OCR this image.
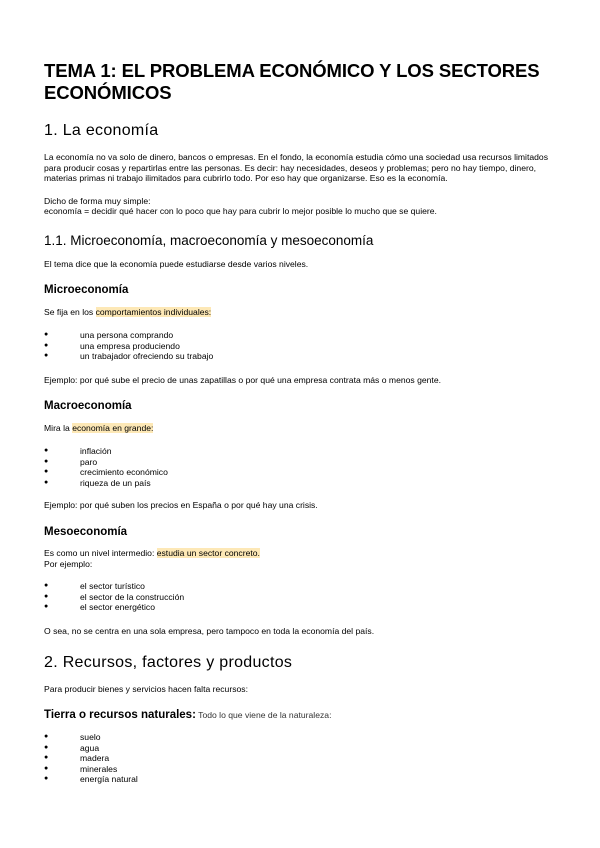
TEMA 1: EL PROBLEMA ECONÓMICO Y LOS SECTORES ECONÓMICOS
1. La economía

La economía no va solo de dinero, bancos o empresas. En el fondo, la economía estudia cómo una sociedad usa recursos limitados para producir cosas y repartirlas entre las personas. Es decir: hay necesidades, deseos y problemas; pero no hay tiempo, dinero, materias primas ni trabajo ilimitados para cubrirlo todo. Por eso hay que organizarse. Eso es la economía.

Dicho de forma muy simple:

economía = decidir qué hacer con lo poco que hay para cubrir lo mejor posible lo mucho que se quiere.

1.1. Microeconomía, macroeconomía y mesoeconomía

El tema dice que la economía puede estudiarse desde varios niveles.

Microeconomía

Se fija en los comportamientos individuales:

●	una persona comprando
●	una empresa produciendo
●	un trabajador ofreciendo su trabajo

Ejemplo: por qué sube el precio de unas zapatillas o por qué una empresa contrata más o menos gente.

Macroeconomía

Mira la economía en grande:

●	inflación
●	paro
●	crecimiento económico
●	riqueza de un país

Ejemplo: por qué suben los precios en España o por qué hay una crisis.

Mesoeconomía

Es como un nivel intermedio: estudia un sector concreto.

Por ejemplo:

●	el sector turístico
●	el sector de la construcción
●	el sector energético

O sea, no se centra en una sola empresa, pero tampoco en toda la economía del país.

2. Recursos, factores y productos

Para producir bienes y servicios hacen falta recursos:

Tierra o recursos naturales: Todo lo que viene de la naturaleza:

●	suelo
●	agua
●	madera
●	minerales
●	energía natural
